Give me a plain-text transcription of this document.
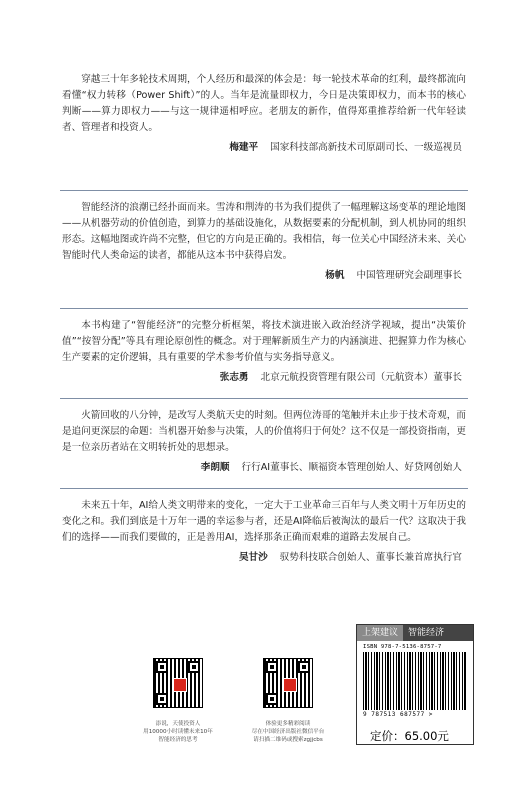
穿越三十年多轮技术周期，个人经历和最深的体会是：每一轮技术革命的红利，最终都流向看懂“权力转移（Power Shift）”的人。当年是流量即权力，今日是决策即权力，而本书的核心判断——算力即权力——与这一规律遥相呼应。老朋友的新作，值得郑重推荐给新一代年轻读者、管理者和投资人。

梅建平 国家科技部高新技术司原副司长、一级巡视员

智能经济的浪潮已经扑面而来。雪涛和荆涛的书为我们提供了一幅理解这场变革的理论地图——从机器劳动的价值创造，到算力的基础设施化，从数据要素的分配机制，到人机协同的组织形态。这幅地图或许尚不完整，但它的方向是正确的。我相信，每一位关心中国经济未来、关心智能时代人类命运的读者，都能从这本书中获得启发。

杨帆 中国管理研究会副理事长

本书构建了“智能经济”的完整分析框架，将技术演进嵌入政治经济学视域，提出“决策价值”“按智分配”等具有理论原创性的概念。对于理解新质生产力的内涵演进、把握算力作为核心生产要素的定价逻辑，具有重要的学术参考价值与实务指导意义。

张志勇 北京元航投资管理有限公司（元航资本）董事长

火箭回收的八分钟，是改写人类航天史的时刻。但两位涛哥的笔触并未止步于技术奇观，而是追问更深层的命题：当机器开始参与决策，人的价值将归于何处？这不仅是一部投资指南，更是一位亲历者站在文明转折处的思想录。

李朗顺 行行AI董事长、顺福资本管理创始人、好贷网创始人

未来五十年，AI给人类文明带来的变化，一定大于工业革命三百年与人类文明十万年历史的变化之和。我们到底是十万年一遇的幸运参与者，还是AI降临后被淘汰的最后一代？这取决于我们的选择——而我们要做的，正是善用AI，选择那条正确而艰难的道路去发展自己。

吴甘沙 驭势科技联合创始人、董事长兼首席执行官
添说，天使投资人
用10000小时读懂未来10年
智能经济的思考
体验更多精彩阅读
尽在中国经济出版社微信平台
请扫描二维码或搜索zgjjcbs
上架建议	智能经济
ISBN 978-7-5136-8757-7
9 787513 687577 >
定价：65.00元
